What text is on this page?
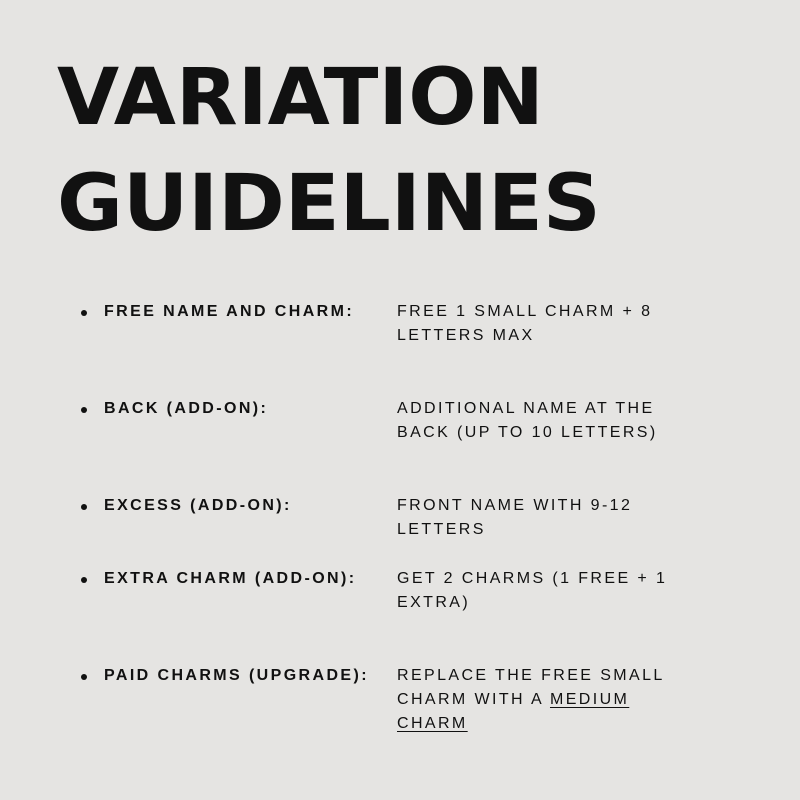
VARIATION
GUIDELINES
FREE NAME AND CHARM:	FREE 1 SMALL CHARM + 8
LETTERS MAX
BACK (ADD-ON):	ADDITIONAL NAME AT THE
BACK (UP TO 10 LETTERS)
EXCESS (ADD-ON):	FRONT NAME WITH 9-12
LETTERS
EXTRA CHARM (ADD-ON):	GET 2 CHARMS (1 FREE + 1
EXTRA)
PAID CHARMS (UPGRADE): REPLACE THE FREE SMALL
CHARM WITH A MEDIUM
CHARM
